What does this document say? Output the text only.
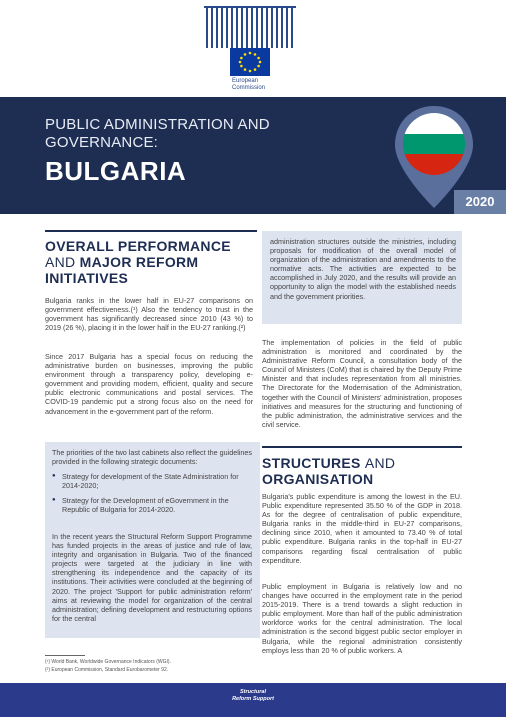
European Commission
PUBLIC ADMINISTRATION AND
GOVERNANCE:
BULGARIA
2020
OVERALL PERFORMANCE
AND MAJOR REFORM
INITIATIVES

Bulgaria ranks in the lower half in EU-27 comparisons on government effectiveness.(¹) Also the tendency to trust in the government has significantly decreased since 2010 (43 %) to 2019 (26 %), placing it in the lower half in the EU-27 ranking.(²)

Since 2017 Bulgaria has a special focus on reducing the administrative burden on businesses, improving the public environment through a transparency policy, developing e-government and providing modern, efficient, quality and secure public electronic communications and postal services. The COVID-19 pandemic put a strong focus also on the need for advancement in the e-government part of the reform.

The priorities of the two last cabinets also reflect the guidelines provided in the following strategic documents:

● Strategy for development of the State Administration for 2014-2020;
● Strategy for the Development of eGovernment in the Republic of Bulgaria for 2014-2020.

In the recent years the Structural Reform Support Programme has funded projects in the areas of justice and rule of law, integrity and organisation in Bulgaria. Two of the financed projects were targeted at the judiciary in line with strengthening its independence and the capacity of its institutions. Their activities were concluded at the beginning of 2020. The project 'Support for public administration reform' aims at reviewing the model for organization of the central administration; defining development and restructuring options for the central

(¹) World Bank, Worldwide Governance Indicators (WGI).
(²) European Commission, Standard Eurobarometer 92.

administration structures outside the ministries, including proposals for modification of the overall model of organization of the administration and amendments to the normative acts. The activities are expected to be accomplished in July 2020, and the results will provide an opportunity to align the model with the established needs and the government priorities.

The implementation of policies in the field of public administration is monitored and coordinated by the Administrative Reform Council, a consultation body of the Council of Ministers (CoM) that is chaired by the Deputy Prime Minister and that includes representation from all ministries. The Directorate for the Modernisation of the Administration, together with the Council of Ministers' administration, proposes initiatives and measures for the structuring and functioning of the public administration, the administrative services and the civil service.

STRUCTURES AND
ORGANISATION

Bulgaria's public expenditure is among the lowest in the EU. Public expenditure represented 35.50 % of the GDP in 2018. As for the degree of centralisation of public expenditure, Bulgaria ranks in the middle-third in EU-27 comparisons, declining since 2010, when it amounted to 73.40 % of total public expenditure. Bulgaria ranks in the top-half in EU-27 comparisons regarding fiscal centralisation of public expenditure.

Public employment in Bulgaria is relatively low and no changes have occurred in the employment rate in the period 2015-2019. There is a trend towards a slight reduction in public employment. More than half of the public administration workforce works for the central administration. The local administration is the second biggest public sector employer in Bulgaria, while the regional administration consistently employs less than 20 % of public workers. A

Structural
Reform Support
